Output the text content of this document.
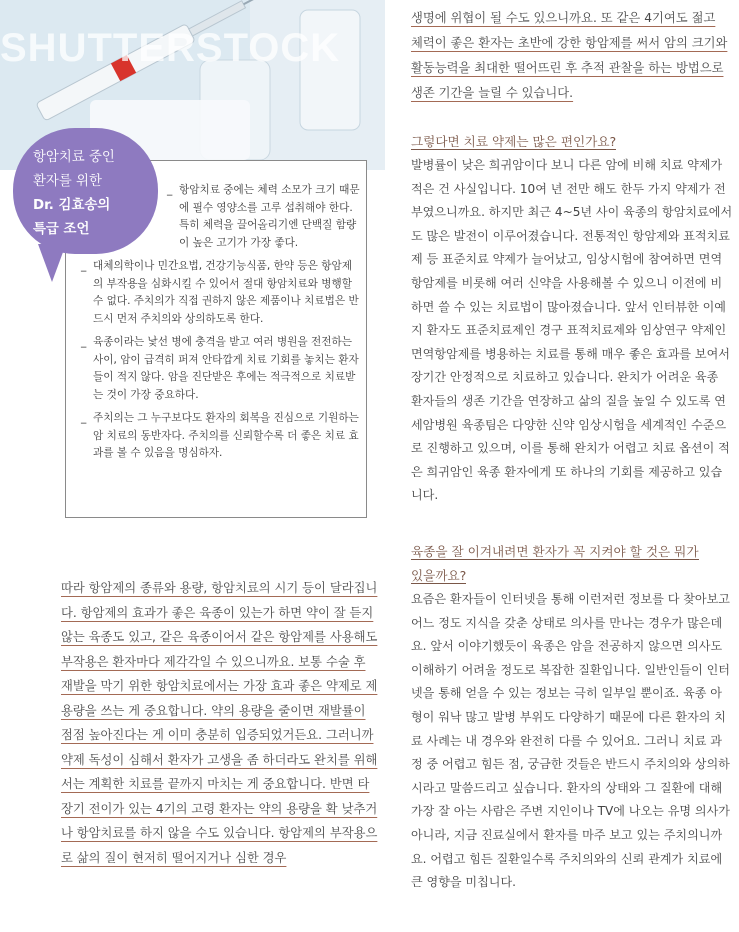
SHUTTERSTOCK
_ 항암치료 중에는 체력 소모가 크기 때문에 필수 영양소를 고루 섭취해야 한다. 특히 체력을 끌어올리기엔 단백질 함량이 높은 고기가 가장 좋다.
_ 대체의학이나 민간요법, 건강기능식품, 한약 등은 항암제의 부작용을 심화시킬 수 있어서 절대 항암치료와 병행할 수 없다. 주치의가 직접 권하지 않은 제품이나 치료법은 반드시 먼저 주치의와 상의하도록 한다.
_ 육종이라는 낯선 병에 충격을 받고 여러 병원을 전전하는 사이, 암이 급격히 퍼져 안타깝게 치료 기회를 놓치는 환자들이 적지 않다. 암을 진단받은 후에는 적극적으로 치료받는 것이 가장 중요하다.
_ 주치의는 그 누구보다도 환자의 회복을 진심으로 기원하는 암 치료의 동반자다. 주치의를 신뢰할수록 더 좋은 치료 효과를 볼 수 있음을 명심하자.
항암치료 중인
환자를 위한
Dr. 김효송의
특급 조언
따라 항암제의 종류와 용량, 항암치료의 시기 등이 달라집니다. 항암제의 효과가 좋은 육종이 있는가 하면 약이 잘 듣지 않는 육종도 있고, 같은 육종이어서 같은 항암제를 사용해도 부작용은 환자마다 제각각일 수 있으니까요. 보통 수술 후 재발을 막기 위한 항암치료에서는 가장 효과 좋은 약제로 제 용량을 쓰는 게 중요합니다. 약의 용량을 줄이면 재발률이 점점 높아진다는 게 이미 충분히 입증되었거든요. 그러니까 약제 독성이 심해서 환자가 고생을 좀 하더라도 완치를 위해서는 계획한 치료를 끝까지 마치는 게 중요합니다. 반면 타 장기 전이가 있는 4기의 고령 환자는 약의 용량을 확 낮추거나 항암치료를 하지 않을 수도 있습니다. 항암제의 부작용으로 삶의 질이 현저히 떨어지거나 심한 경우
생명에 위협이 될 수도 있으니까요. 또 같은 4기여도 젊고 체력이 좋은 환자는 초반에 강한 항암제를 써서 암의 크기와 활동능력을 최대한 떨어뜨린 후 추적 관찰을 하는 방법으로 생존 기간을 늘릴 수 있습니다.
그렇다면 치료 약제는 많은 편인가요?
발병률이 낮은 희귀암이다 보니 다른 암에 비해 치료 약제가 적은 건 사실입니다. 10여 년 전만 해도 한두 가지 약제가 전부였으니까요. 하지만 최근 4~5년 사이 육종의 항암치료에서도 많은 발전이 이루어졌습니다. 전통적인 항암제와 표적치료제 등 표준치료 약제가 늘어났고, 임상시험에 참여하면 면역항암제를 비롯해 여러 신약을 사용해볼 수 있으니 이전에 비하면 쓸 수 있는 치료법이 많아졌습니다. 앞서 인터뷰한 이예지 환자도 표준치료제인 경구 표적치료제와 임상연구 약제인 면역항암제를 병용하는 치료를 통해 매우 좋은 효과를 보여서 장기간 안정적으로 치료하고 있습니다. 완치가 어려운 육종 환자들의 생존 기간을 연장하고 삶의 질을 높일 수 있도록 연세암병원 육종팀은 다양한 신약 임상시험을 세계적인 수준으로 진행하고 있으며, 이를 통해 완치가 어렵고 치료 옵션이 적은 희귀암인 육종 환자에게 또 하나의 기회를 제공하고 있습니다.
육종을 잘 이겨내려면 환자가 꼭 지켜야 할 것은 뭐가
있을까요?
요즘은 환자들이 인터넷을 통해 이런저런 정보를 다 찾아보고 어느 정도 지식을 갖춘 상태로 의사를 만나는 경우가 많은데요. 앞서 이야기했듯이 육종은 암을 전공하지 않으면 의사도 이해하기 어려울 정도로 복잡한 질환입니다. 일반인들이 인터넷을 통해 얻을 수 있는 정보는 극히 일부일 뿐이죠. 육종 아형이 워낙 많고 발병 부위도 다양하기 때문에 다른 환자의 치료 사례는 내 경우와 완전히 다를 수 있어요. 그러니 치료 과정 중 어렵고 힘든 점, 궁금한 것들은 반드시 주치의와 상의하시라고 말씀드리고 싶습니다. 환자의 상태와 그 질환에 대해 가장 잘 아는 사람은 주변 지인이나 TV에 나오는 유명 의사가 아니라, 지금 진료실에서 환자를 마주 보고 있는 주치의니까요. 어렵고 힘든 질환일수록 주치의와의 신뢰 관계가 치료에 큰 영향을 미칩니다.
